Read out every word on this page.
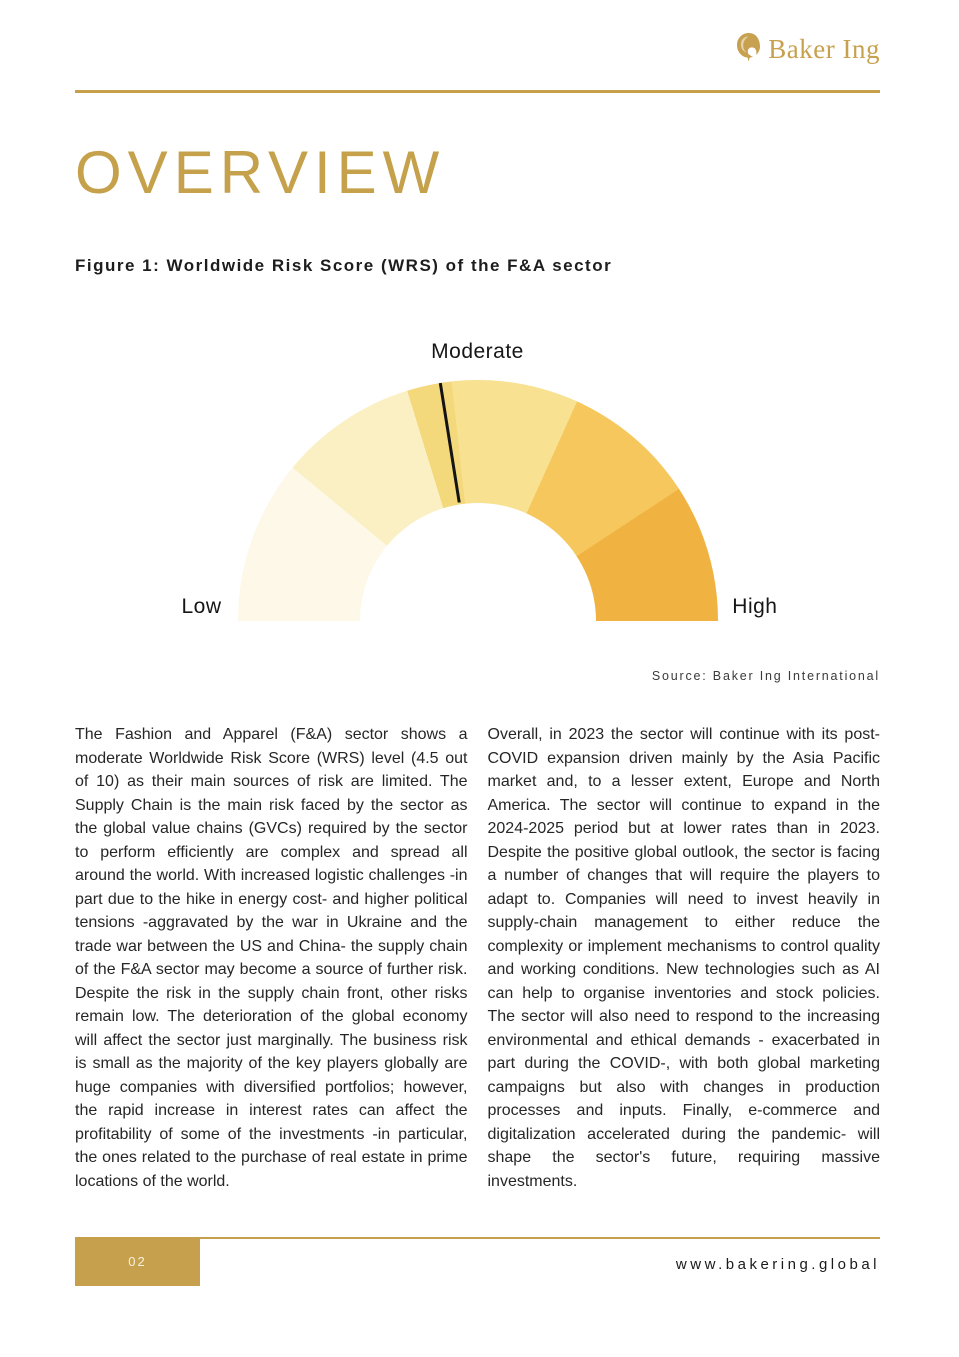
Baker Ing
OVERVIEW
Figure 1: Worldwide Risk Score (WRS) of the F&A sector
Moderate
Low	High
Source: Baker Ing International
The Fashion and Apparel (F&A) sector shows a moderate Worldwide Risk Score (WRS) level (4.5 out of 10) as their main sources of risk are limited. The Supply Chain is the main risk faced by the sector as the global value chains (GVCs) required by the sector to perform efficiently are complex and spread all around the world. With increased logistic challenges -in part due to the hike in energy cost- and higher political tensions -aggravated by the war in Ukraine and the trade war between the US and China- the supply chain of the F&A sector may become a source of further risk. Despite the risk in the supply chain front, other risks remain low. The deterioration of the global economy will affect the sector just marginally. The business risk is small as the majority of the key players globally are huge companies with diversified portfolios; however, the rapid increase in interest rates can affect the profitability of some of the investments -in particular, the ones related to the purchase of real estate in prime locations of the world.
Overall, in 2023 the sector will continue with its post-COVID expansion driven mainly by the Asia Pacific market and, to a lesser extent, Europe and North America. The sector will continue to expand in the 2024-2025 period but at lower rates than in 2023. Despite the positive global outlook, the sector is facing a number of changes that will require the players to adapt to. Companies will need to invest heavily in supply-chain management to either reduce the complexity or implement mechanisms to control quality and working conditions. New technologies such as AI can help to organise inventories and stock policies. The sector will also need to respond to the increasing environmental and ethical demands - exacerbated in part during the COVID-, with both global marketing campaigns but also with changes in production processes and inputs. Finally, e-commerce and digitalization accelerated during the pandemic- will shape the sector's future, requiring massive investments.
02	www.bakering.global
